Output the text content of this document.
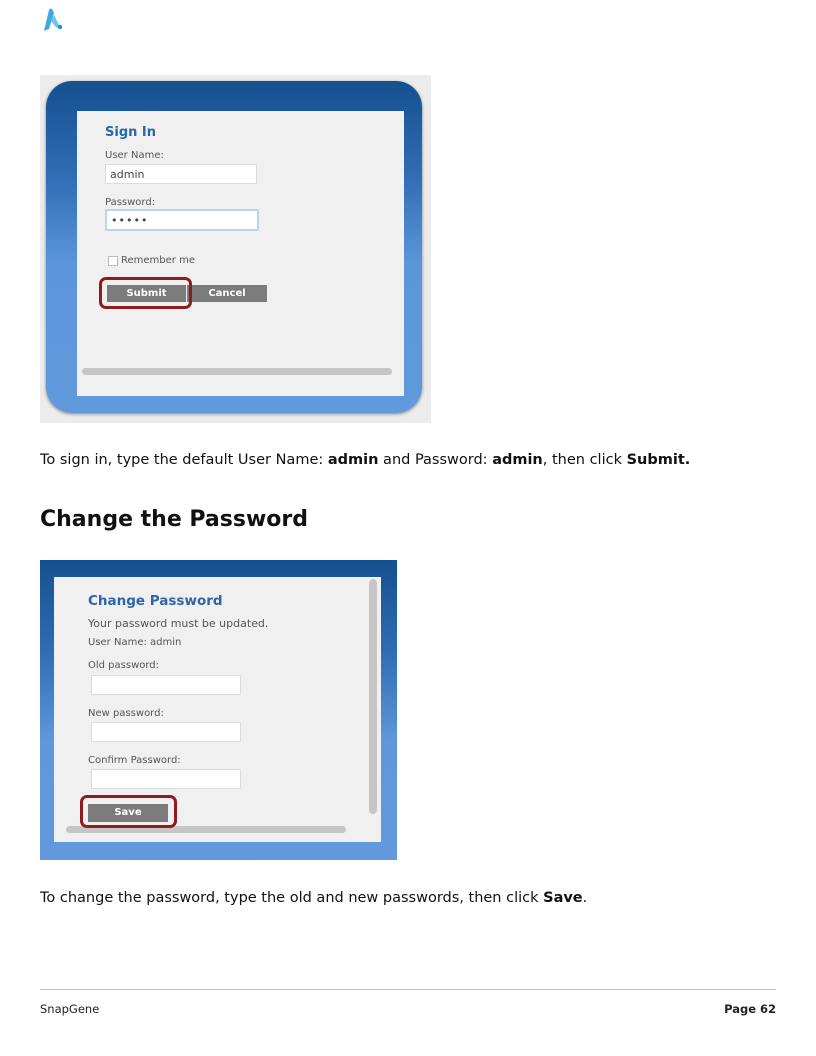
Sign In
User Name:
admin
Password:
•••••
Remember me
Submit	Cancel
To sign in, type the default User Name: admin and Password: admin, then click Submit.
Change the Password
Change Password
Your password must be updated.
User Name: admin
Old password:
New password:
Confirm Password:
Save
To change the password, type the old and new passwords, then click Save.
SnapGene	Page 62
